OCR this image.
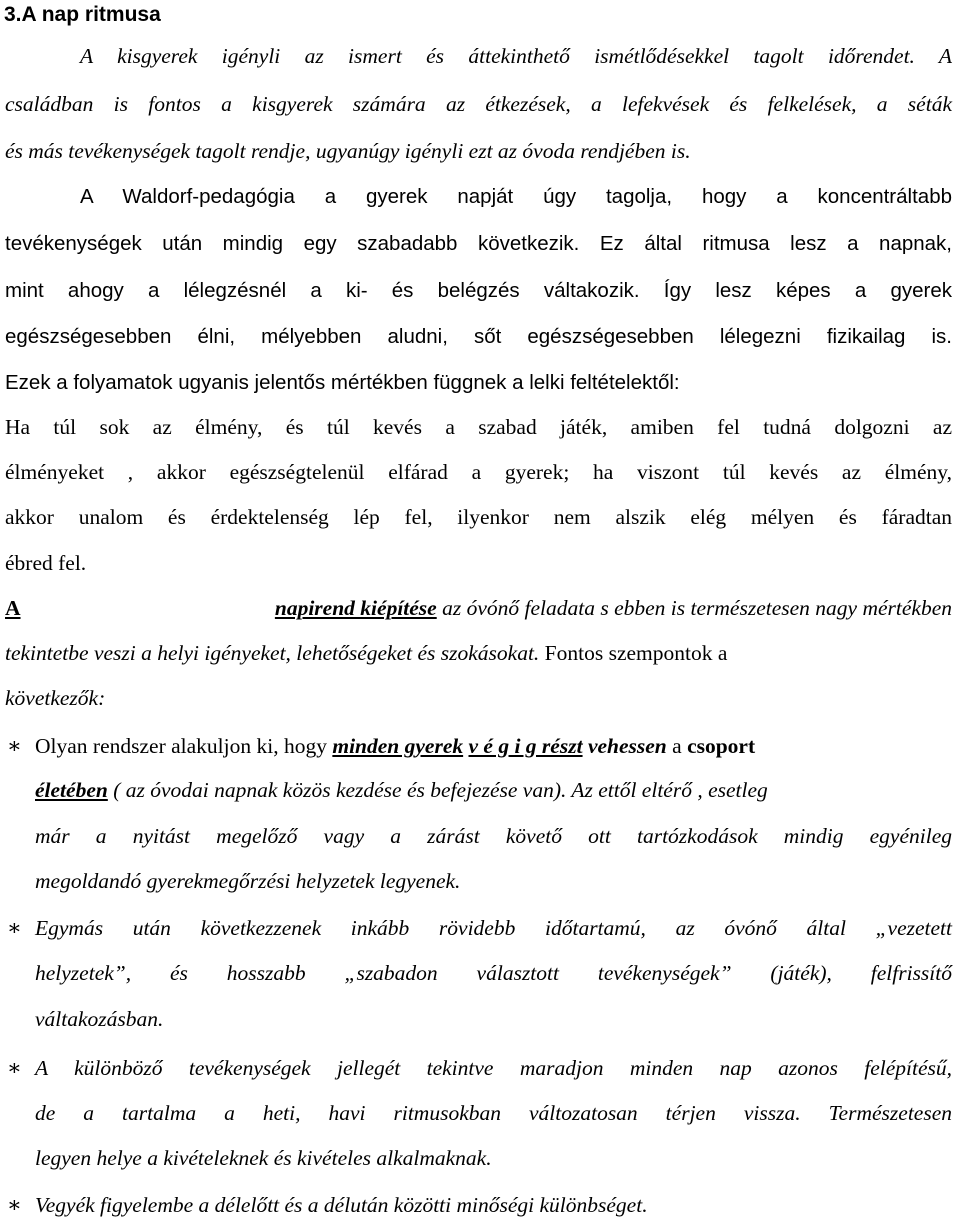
3.A nap ritmusa
A kisgyerek igényli az ismert és áttekinthető ismétlődésekkel tagolt időrendet. A
családban is fontos a kisgyerek számára az étkezések, a lefekvések és felkelések, a séták
és más tevékenységek tagolt rendje, ugyanúgy igényli ezt az óvoda rendjében is.
A Waldorf-pedagógia a gyerek napját úgy tagolja, hogy a koncentráltabb
tevékenységek után mindig egy szabadabb következik. Ez által ritmusa lesz a napnak,
mint ahogy a lélegzésnél a ki- és belégzés váltakozik. Így lesz képes a gyerek
egészségesebben élni, mélyebben aludni, sőt egészségesebben lélegezni fizikailag is.
Ezek a folyamatok ugyanis jelentős mértékben függnek a lelki feltételektől:
Ha túl sok az élmény, és túl kevés a szabad játék, amiben fel tudná dolgozni az
élményeket , akkor egészségtelenül elfárad a gyerek; ha viszont túl kevés az élmény,
akkor unalom és érdektelenség lép fel, ilyenkor nem alszik elég mélyen és fáradtan
ébred fel.
A	napirend kiépítése az óvónő feladata s ebben is természetesen nagy mértékben
tekintetbe veszi a helyi igényeket, lehetőségeket és szokásokat. Fontos szempontok a
következők:
∗ Olyan rendszer alakuljon ki, hogy minden gyerek v é g i g részt vehessen a csoport
életében ( az óvodai napnak közös kezdése és befejezése van). Az ettől eltérő , esetleg
már a nyitást megelőző vagy a zárást követő ott tartózkodások mindig egyénileg
megoldandó gyerekmegőrzési helyzetek legyenek.
∗ Egymás után következzenek inkább rövidebb időtartamú, az óvónő által „vezetett
helyzetek”, és hosszabb „szabadon választott tevékenységek” (játék), felfrissítő
váltakozásban.
∗ A különböző tevékenységek jellegét tekintve maradjon minden nap azonos felépítésű,
de a tartalma a heti, havi ritmusokban változatosan térjen vissza. Természetesen
legyen helye a kivételeknek és kivételes alkalmaknak.
∗ Vegyék figyelembe a délelőtt és a délután közötti minőségi különbséget.
